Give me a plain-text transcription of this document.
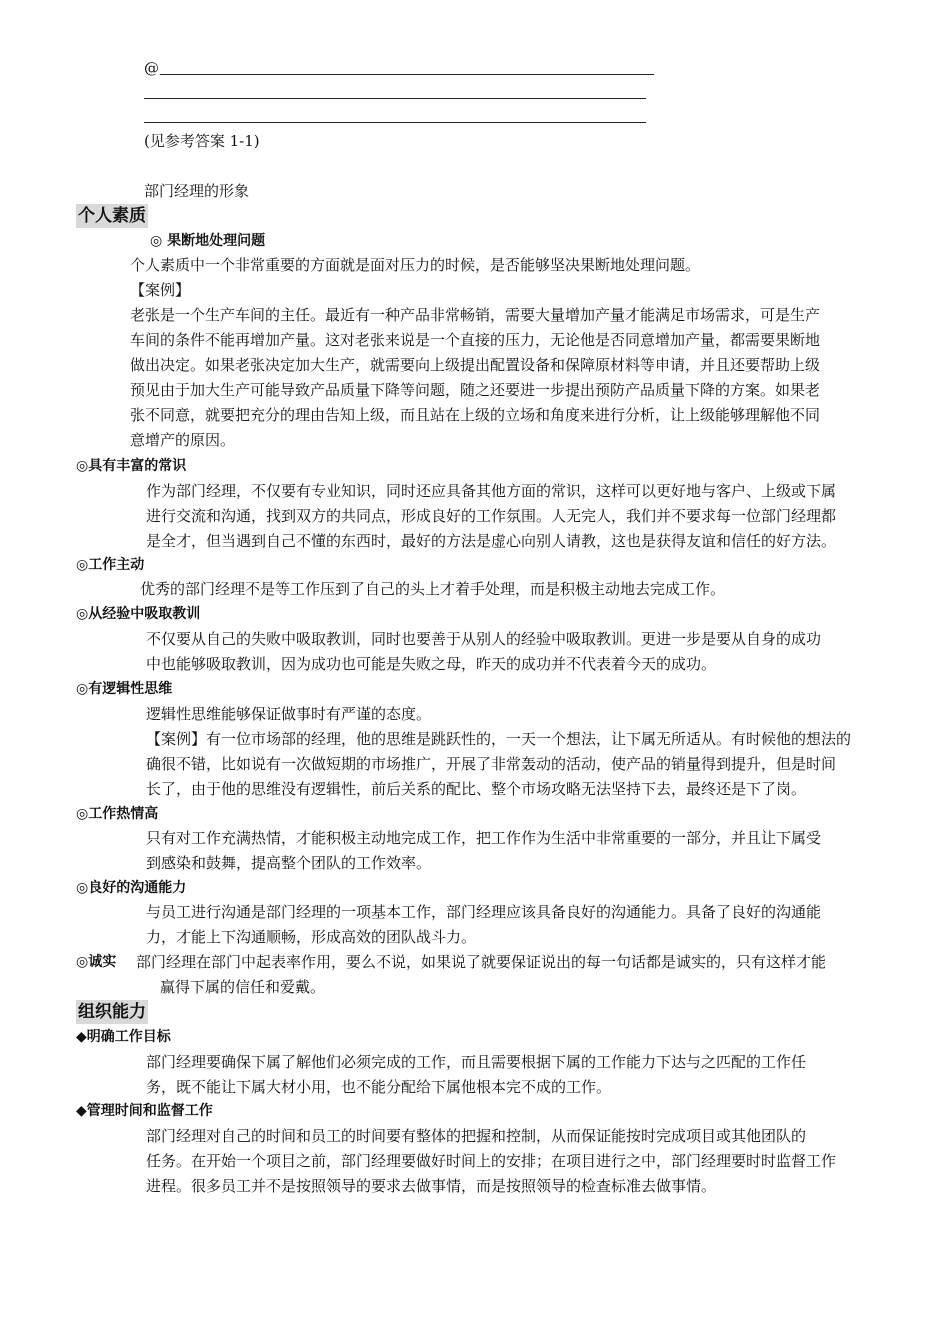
@
(见参考答案 1-1)
部门经理的形象
个人素质
◎ 果断地处理问题
个人素质中一个非常重要的方面就是面对压力的时候，是否能够坚决果断地处理问题。
【案例】
老张是一个生产车间的主任。最近有一种产品非常畅销，需要大量增加产量才能满足市场需求，可是生产
车间的条件不能再增加产量。这对老张来说是一个直接的压力，无论他是否同意增加产量，都需要果断地
做出决定。如果老张决定加大生产，就需要向上级提出配置设备和保障原材料等申请，并且还要帮助上级
预见由于加大生产可能导致产品质量下降等问题，随之还要进一步提出预防产品质量下降的方案。如果老
张不同意，就要把充分的理由告知上级，而且站在上级的立场和角度来进行分析，让上级能够理解他不同
意增产的原因。
◎具有丰富的常识
作为部门经理，不仅要有专业知识，同时还应具备其他方面的常识，这样可以更好地与客户、上级或下属
进行交流和沟通，找到双方的共同点，形成良好的工作氛围。人无完人，我们并不要求每一位部门经理都
是全才，但当遇到自己不懂的东西时，最好的方法是虚心向别人请教，这也是获得友谊和信任的好方法。
◎工作主动
优秀的部门经理不是等工作压到了自己的头上才着手处理，而是积极主动地去完成工作。
◎从经验中吸取教训
不仅要从自己的失败中吸取教训，同时也要善于从别人的经验中吸取教训。更进一步是要从自身的成功
中也能够吸取教训，因为成功也可能是失败之母，昨天的成功并不代表着今天的成功。
◎有逻辑性思维
逻辑性思维能够保证做事时有严谨的态度。
【案例】有一位市场部的经理，他的思维是跳跃性的，一天一个想法，让下属无所适从。有时候他的想法的
确很不错，比如说有一次做短期的市场推广，开展了非常轰动的活动，使产品的销量得到提升，但是时间
长了，由于他的思维没有逻辑性，前后关系的配比、整个市场攻略无法坚持下去，最终还是下了岗。
◎工作热情高
只有对工作充满热情，才能积极主动地完成工作，把工作作为生活中非常重要的一部分，并且让下属受
到感染和鼓舞，提高整个团队的工作效率。
◎良好的沟通能力
与员工进行沟通是部门经理的一项基本工作，部门经理应该具备良好的沟通能力。具备了良好的沟通能
力，才能上下沟通顺畅，形成高效的团队战斗力。
◎诚实 部门经理在部门中起表率作用，要么不说，如果说了就要保证说出的每一句话都是诚实的，只有这样才能
赢得下属的信任和爱戴。
组织能力
◆明确工作目标
部门经理要确保下属了解他们必须完成的工作，而且需要根据下属的工作能力下达与之匹配的工作任
务，既不能让下属大材小用，也不能分配给下属他根本完不成的工作。
◆管理时间和监督工作
部门经理对自己的时间和员工的时间要有整体的把握和控制，从而保证能按时完成项目或其他团队的
任务。在开始一个项目之前，部门经理要做好时间上的安排；在项目进行之中，部门经理要时时监督工作
进程。很多员工并不是按照领导的要求去做事情，而是按照领导的检查标准去做事情。
